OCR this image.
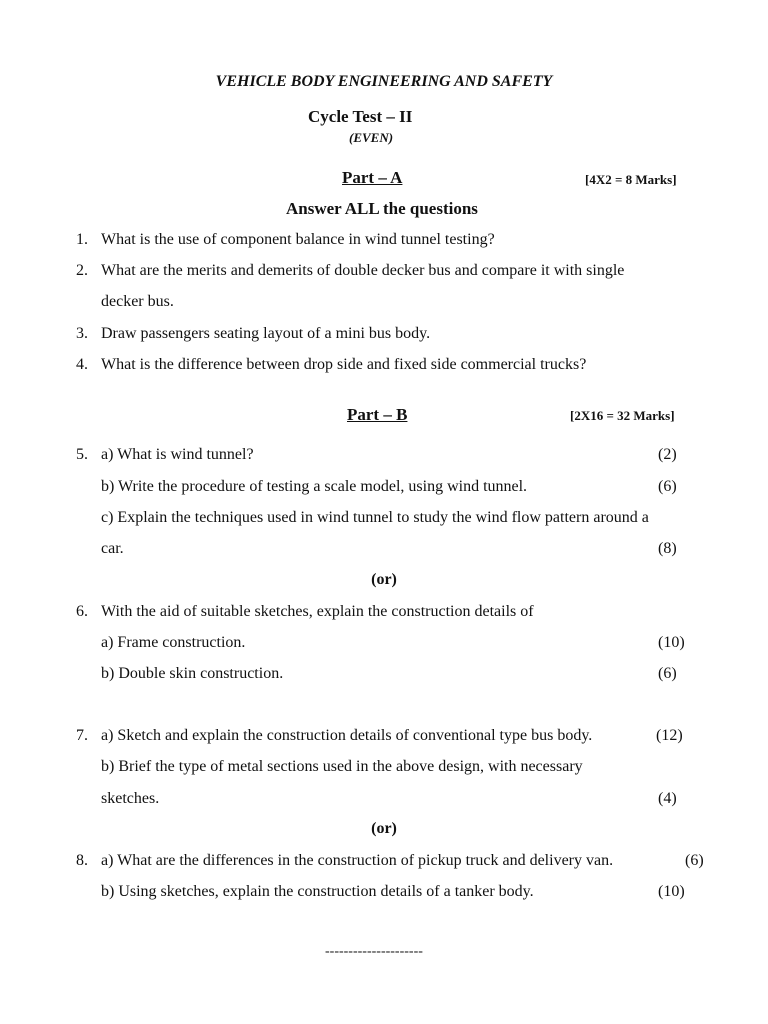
VEHICLE BODY ENGINEERING AND SAFETY
Cycle Test – II
(EVEN)
Part – A	[4X2 = 8 Marks]
Answer ALL the questions
1. What is the use of component balance in wind tunnel testing?
2. What are the merits and demerits of double decker bus and compare it with single
decker bus.
3. Draw passengers seating layout of a mini bus body.
4. What is the difference between drop side and fixed side commercial trucks?
Part – B	[2X16 = 32 Marks]
5. a) What is wind tunnel?	(2)
b) Write the procedure of testing a scale model, using wind tunnel.	(6)
c) Explain the techniques used in wind tunnel to study the wind flow pattern around a
car.	(8)
(or)
6. With the aid of suitable sketches, explain the construction details of
a) Frame construction.	(10)
b) Double skin construction.	(6)
7. a) Sketch and explain the construction details of conventional type bus body.	(12)
b) Brief the type of metal sections used in the above design, with necessary
sketches.	(4)
(or)
8. a) What are the differences in the construction of pickup truck and delivery van.	(6)
b) Using sketches, explain the construction details of a tanker body.	(10)
---------------------
